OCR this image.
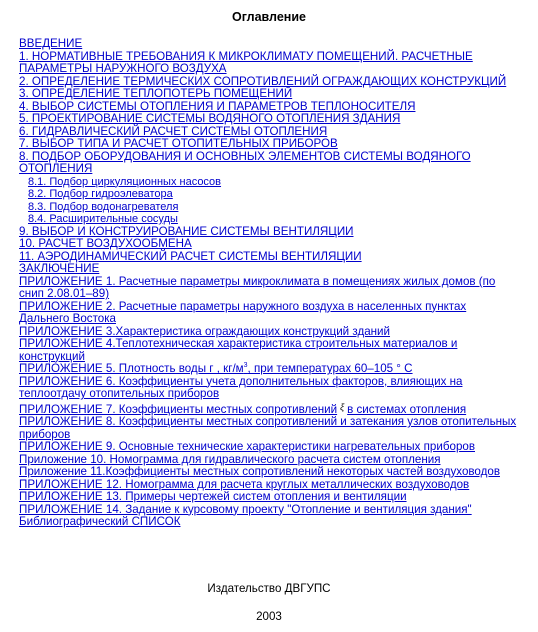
Оглавление
ВВЕДЕНИЕ
1. НОРМАТИВНЫЕ ТРЕБОВАНИЯ К МИКРОКЛИМАТУ ПОМЕЩЕНИЙ. РАСЧЕТНЫЕ ПАРАМЕТРЫ НАРУЖНОГО ВОЗДУХА
2. ОПРЕДЕЛЕНИЕ ТЕРМИЧЕСКИХ СОПРОТИВЛЕНИЙ ОГРАЖДАЮЩИХ КОНСТРУКЦИЙ
3. ОПРЕДЕЛЕНИЕ ТЕПЛОПОТЕРЬ ПОМЕЩЕНИЙ
4. ВЫБОР СИСТЕМЫ ОТОПЛЕНИЯ И ПАРАМЕТРОВ ТЕПЛОНОСИТЕЛЯ
5. ПРОЕКТИРОВАНИЕ СИСТЕМЫ ВОДЯНОГО ОТОПЛЕНИЯ ЗДАНИЯ
6. ГИДРАВЛИЧЕСКИЙ РАСЧЕТ СИСТЕМЫ ОТОПЛЕНИЯ
7. ВЫБОР ТИПА И РАСЧЕТ ОТОПИТЕЛЬНЫХ ПРИБОРОВ
8. ПОДБОР ОБОРУДОВАНИЯ И ОСНОВНЫХ ЭЛЕМЕНТОВ СИСТЕМЫ ВОДЯНОГО ОТОПЛЕНИЯ
8.1. Подбор циркуляционных насосов
8.2. Подбор гидроэлеватора
8.3. Подбор водонагревателя
8.4. Расширительные сосуды
9. ВЫБОР И КОНСТРУИРОВАНИЕ СИСТЕМЫ ВЕНТИЛЯЦИИ
10. РАСЧЕТ ВОЗДУХООБМЕНА
11. АЭРОДИНАМИЧЕСКИЙ РАСЧЕТ СИСТЕМЫ ВЕНТИЛЯЦИИ
ЗАКЛЮЧЕНИЕ
ПРИЛОЖЕНИЕ 1. Расчетные параметры микроклимата в помещениях жилых домов (по снип 2.08.01–89)
ПРИЛОЖЕНИЕ 2. Расчетные параметры наружного воздуха в населенных пунктах Дальнего Востока
ПРИЛОЖЕНИЕ 3.Характеристика ограждающих конструкций зданий
ПРИЛОЖЕНИЕ 4.Теплотехническая характеристика строительных материалов и конструкций
ПРИЛОЖЕНИЕ 5. Плотность воды г , $кг/м^3$, при температурах 60–105 ° С
ПРИЛОЖЕНИЕ 6. Коэффициенты учета дополнительных факторов, влияющих на теплоотдачу отопительных приборов
ПРИЛОЖЕНИЕ 7. Коэффициенты местных сопротивлений ξ в системах отопления
ПРИЛОЖЕНИЕ 8. Коэффициенты местных сопротивлений и затекания узлов отопительных приборов
ПРИЛОЖЕНИЕ 9. Основные технические характеристики нагревательных приборов
Приложение 10. Номограмма для гидравлического расчета систем отопления
Приложение 11.Коэффициенты местных сопротивлений некоторых частей воздуховодов
ПРИЛОЖЕНИЕ 12. Номограмма для расчета круглых металлических воздуховодов
ПРИЛОЖЕНИЕ 13. Примеры чертежей систем отопления и вентиляции
ПРИЛОЖЕНИЕ 14. Задание к курсовому проекту "Отопление и вентиляция здания"
Библиографический СПИСОК
Издательство ДВГУПС
2003
